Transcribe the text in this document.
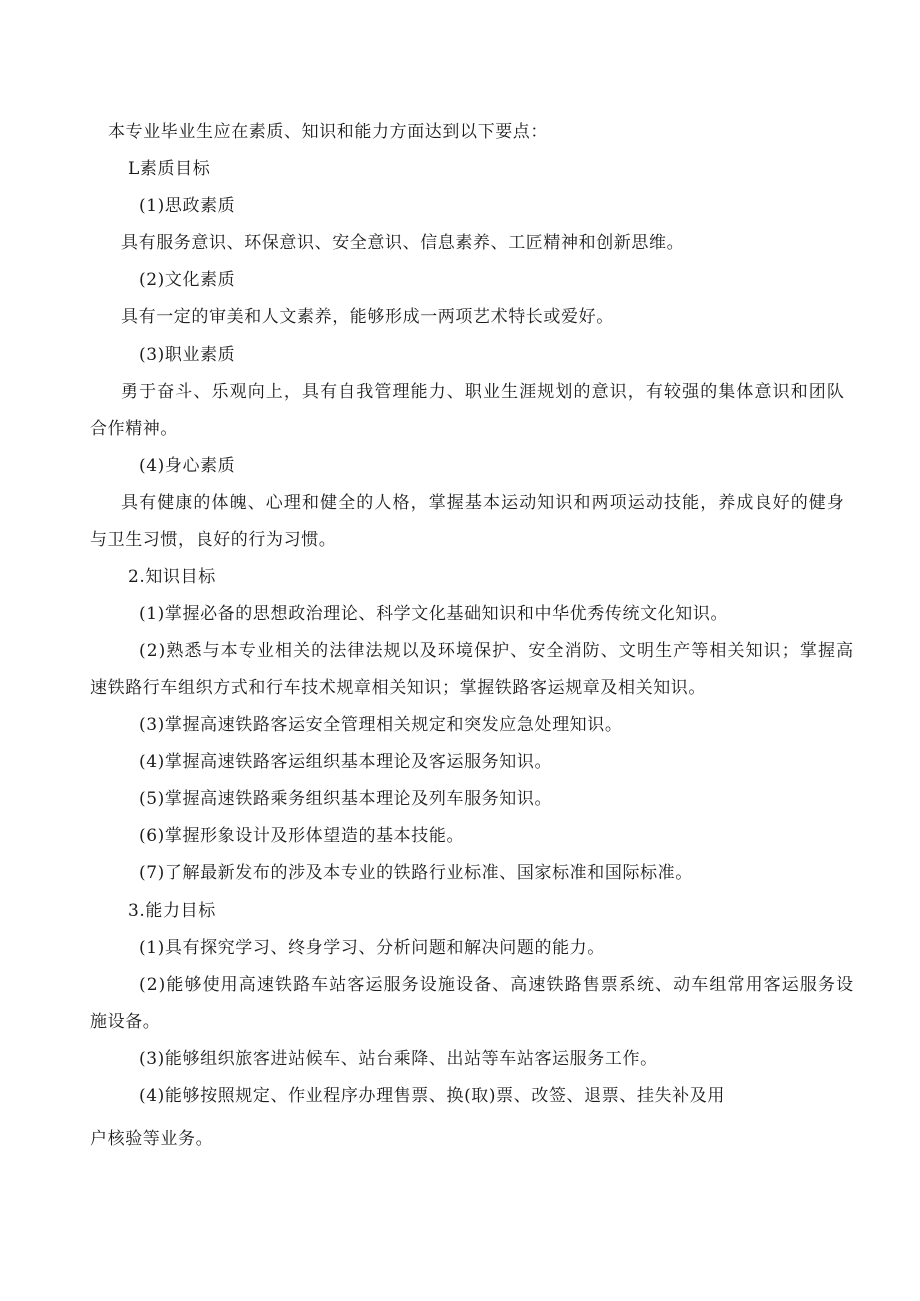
本专业毕业生应在素质、知识和能力方面达到以下要点：
L素质目标
(1)思政素质
具有服务意识、环保意识、安全意识、信息素养、工匠精神和创新思维。
(2)文化素质
具有一定的审美和人文素养，能够形成一两项艺术特长或爱好。
(3)职业素质
勇于奋斗、乐观向上，具有自我管理能力、职业生涯规划的意识，有较强的集体意识和团队
合作精神。
(4)身心素质
具有健康的体魄、心理和健全的人格，掌握基本运动知识和两项运动技能，养成良好的健身
与卫生习惯，良好的行为习惯。
2.知识目标
(1)掌握必备的思想政治理论、科学文化基础知识和中华优秀传统文化知识。
(2)熟悉与本专业相关的法律法规以及环境保护、安全消防、文明生产等相关知识；掌握高
速铁路行车组织方式和行车技术规章相关知识；掌握铁路客运规章及相关知识。
(3)掌握高速铁路客运安全管理相关规定和突发应急处理知识。
(4)掌握高速铁路客运组织基本理论及客运服务知识。
(5)掌握高速铁路乘务组织基本理论及列车服务知识。
(6)掌握形象设计及形体望造的基本技能。
(7)了解最新发布的涉及本专业的铁路行业标准、国家标准和国际标准。
3.能力目标
(1)具有探究学习、终身学习、分析问题和解决问题的能力。
(2)能够使用高速铁路车站客运服务设施设备、高速铁路售票系统、动车组常用客运服务设
施设备。
(3)能够组织旅客进站候车、站台乘降、出站等车站客运服务工作。
(4)能够按照规定、作业程序办理售票、换(取)票、改签、退票、挂失补及用
户核验等业务。
